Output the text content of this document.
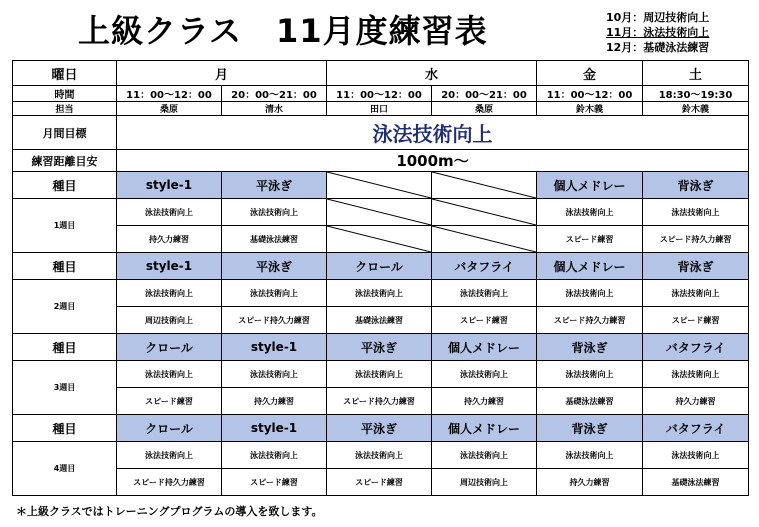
上級クラス 11月度練習表	10月：周辺技術向上
11月：泳法技術向上
12月：基礎泳法練習
曜日	月		水		金	土
時間	11：00～12：00	20：00～21：00	11：00～12：00	20：00～21：00	11：00～12：00	18:30～19:30
担当	桑原	清水	田口	桑原	鈴木義	鈴木義
月間目標	泳法技術向上					
練習距離目安	1000m～					
種目	style-1	平泳ぎ			個人メドレー	背泳ぎ
1週目	泳法技術向上	泳法技術向上			泳法技術向上	泳法技術向上
	持久力練習	基礎泳法練習			スピード練習	スピード持久力練習
種目	style-1	平泳ぎ	クロール	バタフライ	個人メドレー	背泳ぎ
2週目	泳法技術向上	泳法技術向上	泳法技術向上	泳法技術向上	泳法技術向上	泳法技術向上
	周辺技術向上	スピード持久力練習	基礎泳法練習	スピード練習	スピード持久力練習	スピード練習
種目	クロール	style-1	平泳ぎ	個人メドレー	背泳ぎ	バタフライ
3週目	泳法技術向上	泳法技術向上	泳法技術向上	泳法技術向上	泳法技術向上	泳法技術向上
	スピード練習	持久力練習	スピード持久力練習	持久力練習	基礎泳法練習	持久力練習
種目	クロール	style-1	平泳ぎ	個人メドレー	背泳ぎ	バタフライ
4週目	泳法技術向上	泳法技術向上	泳法技術向上	泳法技術向上	泳法技術向上	泳法技術向上
	スピード持久力練習	スピード練習	スピード練習	周辺技術向上	持久力練習	基礎泳法練習
＊上級クラスではトレーニングプログラムの導入を致します。
